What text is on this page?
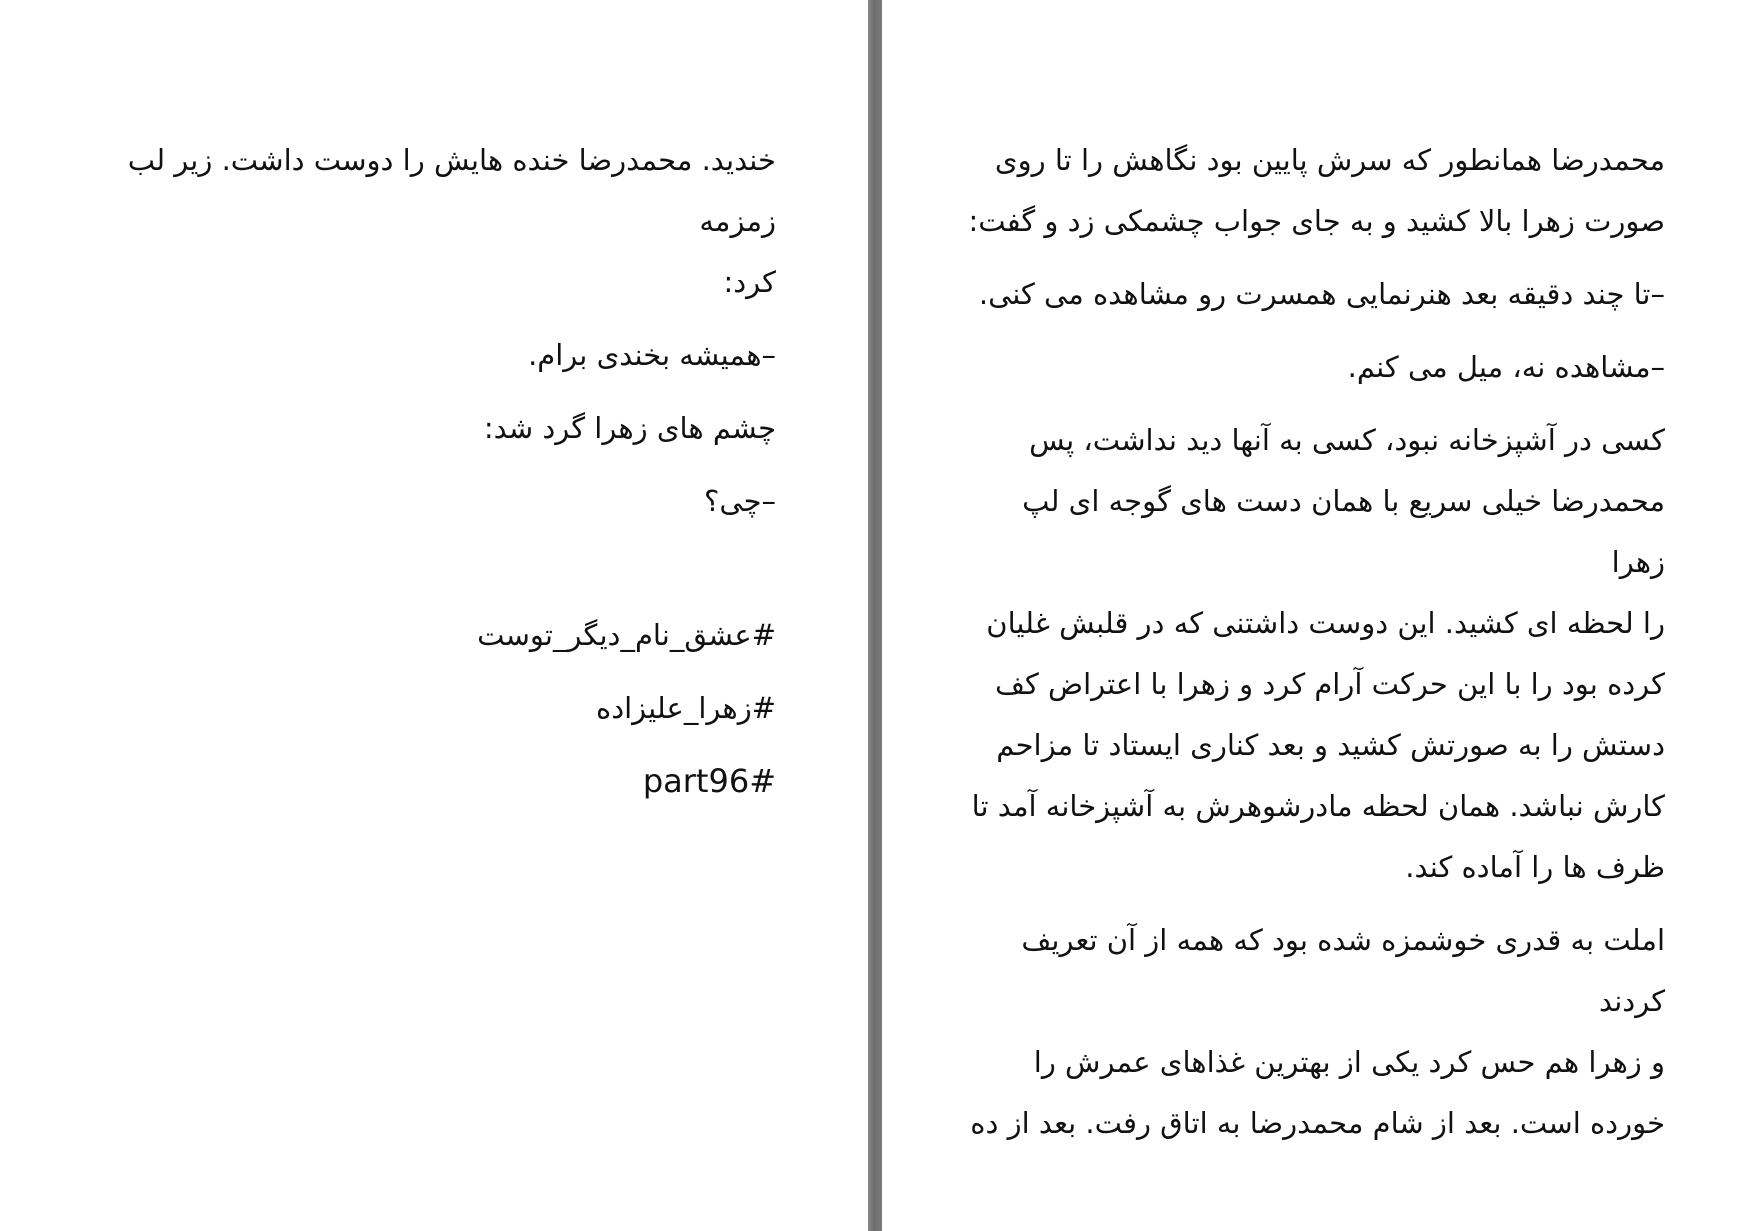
خندید. محمدرضا خنده هایش را دوست داشت. زیر لب زمزمه
کرد:

–همیشه بخندی برام.

چشم های زهرا گرد شد:

–چی؟

#عشق_نام_دیگر_توست

#زهرا_علیزاده

part96#

محمدرضا همانطور که سرش پایین بود نگاهش را تا روی
صورت زهرا بالا کشید و به جای جواب چشمکی زد و گفت:

–تا چند دقیقه بعد هنرنمایی همسرت رو مشاهده می کنی.

–مشاهده نه، میل می کنم.

کسی در آشپزخانه نبود، کسی به آنها دید نداشت، پس
محمدرضا خیلی سریع با همان دست های گوجه ای لپ زهرا
را لحظه ای کشید. این دوست داشتنی که در قلبش غلیان
کرده بود را با این حرکت آرام کرد و زهرا با اعتراض کف
دستش را به صورتش کشید و بعد کناری ایستاد تا مزاحم
کارش نباشد. همان لحظه مادرشوهرش به آشپزخانه آمد تا
ظرف ها را آماده کند.

املت به قدری خوشمزه شده بود که همه از آن تعریف کردند
و زهرا هم حس کرد یکی از بهترین غذاهای عمرش را
خورده است. بعد از شام محمدرضا به اتاق رفت. بعد از ده
